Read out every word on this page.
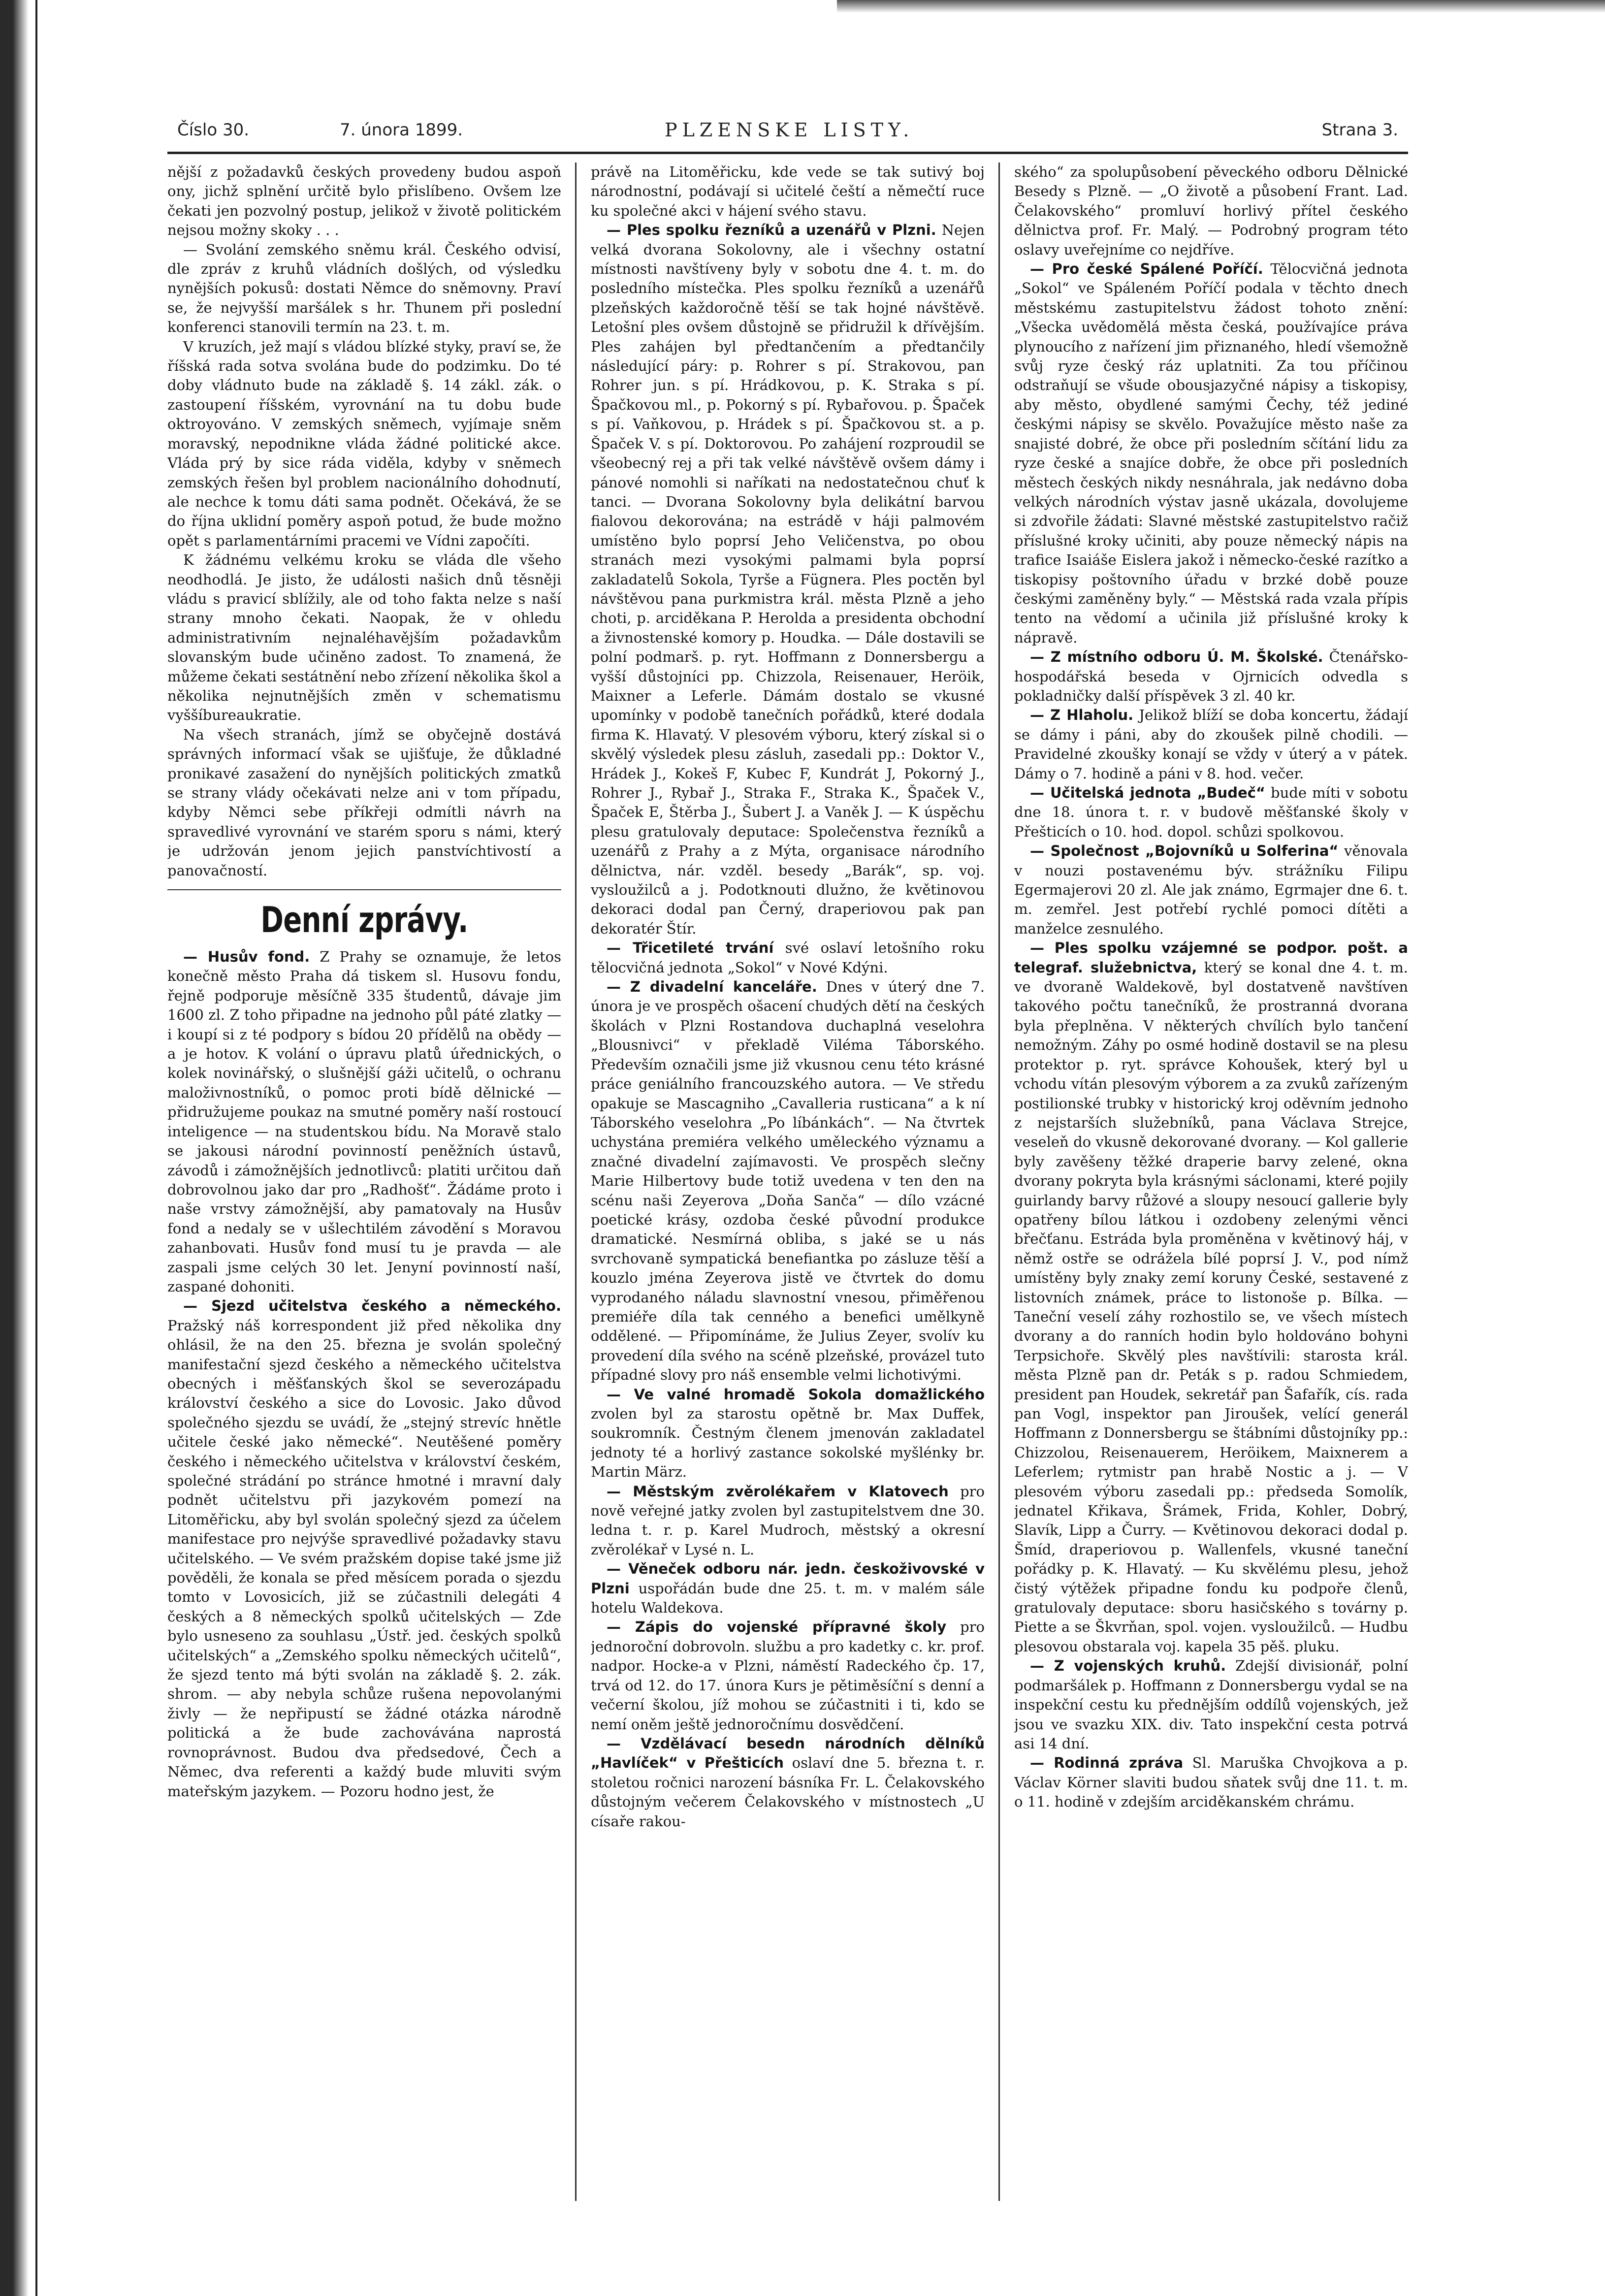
Číslo 30.	7. února 1899.	PLZENSKE LISTY.	Strana 3.

nější z požadavků českých provedeny budou aspoň ony, jichž splnění určitě bylo přislíbeno. Ovšem lze čekati jen pozvolný postup, jelikož v životě politickém nejsou možny skoky . . .

— Svolání zemského sněmu král. Českého odvisí, dle zpráv z kruhů vládních došlých, od výsledku nynějších pokusů: dostati Němce do sněmovny. Praví se, že nejvyšší maršálek s hr. Thunem při poslední konferenci stanovili termín na 23. t. m.

V kruzích, jež mají s vládou blízké styky, praví se, že říšská rada sotva svolána bude do podzimku. Do té doby vládnuto bude na základě §. 14 zákl. zák. o zastoupení říšském, vyrovnání na tu dobu bude oktroyováno. V zemských sněmech, vyjímaje sněm moravský, nepodnikne vláda žádné politické akce. Vláda prý by sice ráda viděla, kdyby v sněmech zemských řešen byl problem nacionálního dohodnutí, ale nechce k tomu dáti sama podnět. Očekává, že se do října uklidní poměry aspoň potud, že bude možno opět s parlamentárními pracemi ve Vídni započíti.

K žádnému velkému kroku se vláda dle všeho neodhodlá. Je jisto, že události našich dnů těsněji vládu s pravicí sblížily, ale od toho fakta nelze s naší strany mnoho čekati. Naopak, že v ohledu administrativním nejnaléhavějším požadavkům slovanským bude učiněno zadost. To znamená, že můžeme čekati sestátnění nebo zřízení několika škol a několika nejnutnějších změn v schematismu vyššíbureaukratie.

Na všech stranách, jímž se obyčejně dostává správných informací však se ujišťuje, že důkladné pronikavé zasažení do nynějších politických zmatků se strany vlády očekávati nelze ani v tom případu, kdyby Němci sebe příkřeji odmítli návrh na spravedlivé vyrovnání ve starém sporu s námi, který je udržován jenom jejich panstvíchtivostí a panovačností.

Denní zprávy.

— Husův fond. Z Prahy se oznamuje, že letos konečně město Praha dá tiskem sl. Husovu fondu, řejně podporuje měsíčně 335 študentů, dávaje jim 1600 zl. Z toho připadne na jednoho půl páté zlatky — i koupí si z té podpory s bídou 20 přídělů na obědy — a je hotov. K volání o úpravu platů úřednických, o kolek novinářský, o slušnější gáži učitelů, o ochranu maloživnostníků, o pomoc proti bídě dělnické — přidružujeme poukaz na smutné poměry naší rostoucí inteligence — na studentskou bídu. Na Moravě stalo se jakousi národní povinností peněžních ústavů, závodů i zámožnějších jednotlivců: platiti určitou daň dobrovolnou jako dar pro „Radhošť“. Žádáme proto i naše vrstvy zámožnější, aby pamatovaly na Husův fond a nedaly se v ušlechtilém závodění s Moravou zahanbovati. Husův fond musí tu je pravda — ale zaspali jsme celých 30 let. Jenyní povinností naší, zaspané dohoniti.

— Sjezd učitelstva českého a německého. Pražský náš korrespondent již před několika dny ohlásil, že na den 25. března je svolán společný manifestační sjezd českého a německého učitelstva obecných i měšťanských škol se severozápadu království českého a sice do Lovosic. Jako důvod společného sjezdu se uvádí, že „stejný strevíc hnětle učitele české jako německé“. Neutěšené poměry českého i německého učitelstva v království českém, společné strádání po stránce hmotné i mravní daly podnět učitelstvu při jazykovém pomezí na Litoměřicku, aby byl svolán společný sjezd za účelem manifestace pro nejvýše spravedlivé požadavky stavu učitelského. — Ve svém pražském dopise také jsme již pověděli, že konala se před měsícem porada o sjezdu tomto v Lovosicích, již se zúčastnili delegáti 4 českých a 8 německých spolků učitelských — Zde bylo usneseno za souhlasu „Ústř. jed. českých spolků učitelských“ a „Zemského spolku německých učitelů“, že sjezd tento má býti svolán na základě §. 2. zák. shrom. — aby nebyla schůze rušena nepovolanými živly — že nepřipustí se žádné otázka národně politická a že bude zachovávána naprostá rovnoprávnost. Budou dva předsedové, Čech a Němec, dva referenti a každý bude mluviti svým mateřským jazykem. — Pozoru hodno jest, že

právě na Litoměřicku, kde vede se tak sutivý boj národnostní, podávají si učitelé čeští a němečtí ruce ku společné akci v hájení svého stavu.

— Ples spolku řezníků a uzenářů v Plzni. Nejen velká dvorana Sokolovny, ale i všechny ostatní místnosti navštíveny byly v sobotu dne 4. t. m. do posledního místečka. Ples spolku řezníků a uzenářů plzeňských každoročně těší se tak hojné návštěvě. Letošní ples ovšem důstojně se přidružil k dřívějším. Ples zahájen byl předtančením a předtančily následující páry: p. Rohrer s pí. Strakovou, pan Rohrer jun. s pí. Hrádkovou, p. K. Straka s pí. Špačkovou ml., p. Pokorný s pí. Rybařovou. p. Špaček s pí. Vaňkovou, p. Hrádek s pí. Špačkovou st. a p. Špaček V. s pí. Doktorovou. Po zahájení rozproudil se všeobecný rej a při tak velké návštěvě ovšem dámy i pánové nomohli si naříkati na nedostatečnou chuť k tanci. — Dvorana Sokolovny byla delikátní barvou fialovou dekorována; na estrádě v háji palmovém umístěno bylo poprsí Jeho Veličenstva, po obou stranách mezi vysokými palmami byla poprsí zakladatelů Sokola, Tyrše a Fügnera. Ples poctěn byl návštěvou pana purkmistra král. města Plzně a jeho choti, p. arciděkana P. Herolda a presidenta obchodní a živnostenské komory p. Houdka. — Dále dostavili se polní podmarš. p. ryt. Hoffmann z Donnersbergu a vyšší důstojníci pp. Chizzola, Reisenauer, Heröik, Maixner a Leferle. Dámám dostalo se vkusné upomínky v podobě tanečních pořádků, které dodala firma K. Hlavatý. V plesovém výboru, který získal si o skvělý výsledek plesu zásluh, zasedali pp.: Doktor V., Hrádek J., Kokeš F, Kubec F, Kundrát J, Pokorný J., Rohrer J., Rybař J., Straka F., Straka K., Špaček V., Špaček E, Štěrba J., Šubert J. a Vaněk J. — K úspěchu plesu gratulovaly deputace: Společenstva řezníků a uzenářů z Prahy a z Mýta, organisace národního dělnictva, nár. vzděl. besedy „Barák“, sp. voj. vysloužilců a j. Podotknouti dlužno, že květinovou dekoraci dodal pan Černý, draperiovou pak pan dekoratér Štír.

— Třicetileté trvání své oslaví letošního roku tělocvičná jednota „Sokol“ v Nové Kdýni.

— Z divadelní kanceláře. Dnes v úterý dne 7. února je ve prospěch ošacení chudých dětí na českých školách v Plzni Rostandova duchaplná veselohra „Blousnivci“ v překladě Viléma Táborského. Především označili jsme již vkusnou cenu této krásné práce geniálního francouzského autora. — Ve středu opakuje se Mascagniho „Cavalleria rusticana“ a k ní Táborského veselohra „Po líbánkách“. — Na čtvrtek uchystána premiéra velkého uměleckého významu a značné divadelní zajímavosti. Ve prospěch slečny Marie Hilbertovy bude totiž uvedena v ten den na scénu naši Zeyerova „Doňa Sanča“ — dílo vzácné poetické krásy, ozdoba české původní produkce dramatické. Nesmírná obliba, s jaké se u nás svrchovaně sympatická benefiantka po zásluze těší a kouzlo jména Zeyerova jistě ve čtvrtek do domu vyprodaného náladu slavnostní vnesou, přiměřenou premiéře díla tak cenného a benefici umělkyně oddělené. — Připomínáme, že Julius Zeyer, svolív ku provedení díla svého na scéně plzeňské, provázel tuto případné slovy pro náš ensemble velmi lichotivými.

— Ve valné hromadě Sokola domažlického zvolen byl za starostu opětně br. Max Duffek, soukromník. Čestným členem jmenován zakladatel jednoty té a horlivý zastance sokolské myšlénky br. Martin März.

— Městským zvěrolékařem v Klatovech pro nově veřejné jatky zvolen byl zastupitelstvem dne 30. ledna t. r. p. Karel Mudroch, městský a okresní zvěrolékař v Lysé n. L.

— Věneček odboru nár. jedn. českoživovské v Plzni uspořádán bude dne 25. t. m. v malém sále hotelu Waldekova.

— Zápis do vojenské přípravné školy pro jednoroční dobrovoln. službu a pro kadetky c. kr. prof. nadpor. Hocke-a v Plzni, náměstí Radeckého čp. 17, trvá od 12. do 17. února Kurs je pětiměsíční s denní a večerní školou, jíž mohou se zúčastniti i ti, kdo se nemí oněm ještě jednoročnímu dosvědčení.

— Vzdělávací besedn národních dělníků „Havlíček“ v Přešticích oslaví dne 5. března t. r. stoletou ročnici narození básníka Fr. L. Čelakovského důstojným večerem Čelakovského v místnostech „U císaře rakou-

ského“ za spolupůsobení pěveckého odboru Dělnické Besedy s Plzně. — „O životě a působení Frant. Lad. Čelakovského“ promluví horlivý přítel českého dělnictva prof. Fr. Malý. — Podrobný program této oslavy uveřejníme co nejdříve.

— Pro české Spálené Poříčí. Tělocvičná jednota „Sokol“ ve Spáleném Poříčí podala v těchto dnech městskému zastupitelstvu žádost tohoto znění: „Všecka uvědomělá města česká, používajíce práva plynoucího z nařízení jim přiznaného, hledí všemožně svůj ryze český ráz uplatniti. Za tou příčinou odstraňují se všude obousjazyčné nápisy a tiskopisy, aby město, obydlené samými Čechy, též jediné českými nápisy se skvělo. Považujíce město naše za snajisté dobré, že obce při posledním sčítání lidu za ryze české a snajíce dobře, že obce při posledních městech českých nikdy nesnáhrala, jak nedávno doba velkých národních výstav jasně ukázala, dovolujeme si zdvořile žádati: Slavné městské zastupitelstvo račiž příslušné kroky učiniti, aby pouze německý nápis na trafice Isaiáše Eislera jakož i německo-české razítko a tiskopisy poštovního úřadu v brzké době pouze českými zaměněny byly.“ — Městská rada vzala přípis tento na vědomí a učinila již příslušné kroky k nápravě.

— Z místního odboru Ú. M. Školské. Čtenářsko-hospodářská beseda v Ojrnicích odvedla s pokladničky další příspěvek 3 zl. 40 kr.

— Z Hlaholu. Jelikož blíží se doba koncertu, žádají se dámy i páni, aby do zkoušek pilně chodili. — Pravidelné zkoušky konají se vždy v úterý a v pátek. Dámy o 7. hodině a páni v 8. hod. večer.

— Učitelská jednota „Budeč“ bude míti v sobotu dne 18. února t. r. v budově měšťanské školy v Přešticích o 10. hod. dopol. schůzi spolkovou.

— Společnost „Bojovníků u Solferina“ věnovala v nouzi postavenému býv. strážníku Filipu Egermajerovi 20 zl. Ale jak známo, Egrmajer dne 6. t. m. zemřel. Jest potřebí rychlé pomoci dítěti a manželce zesnulého.

— Ples spolku vzájemné se podpor. pošt. a telegraf. služebnictva, který se konal dne 4. t. m. ve dvoraně Waldekově, byl dostatveně navštíven takového počtu tanečníků, že prostranná dvorana byla přeplněna. V některých chvílích bylo tančení nemožným. Záhy po osmé hodině dostavil se na plesu protektor p. ryt. správce Kohoušek, který byl u vchodu vítán plesovým výborem a za zvuků zařízeným postilionské trubky v historický kroj oděvním jednoho z nejstarších služebníků, pana Václava Strejce, veseleň do vkusně dekorované dvorany. — Kol gallerie byly zavěšeny těžké draperie barvy zelené, okna dvorany pokryta byla krásnými sáclonami, které pojily guirlandy barvy růžové a sloupy nesoucí gallerie byly opatřeny bílou látkou i ozdobeny zelenými věnci břečťanu. Estráda byla proměněna v květinový háj, v němž ostře se odrážela bílé poprsí J. V., pod nímž umístěny byly znaky zemí koruny České, sestavené z listovních známek, práce to listonoše p. Bílka. — Taneční veselí záhy rozhostilo se, ve všech místech dvorany a do ranních hodin bylo holdováno bohyni Terpsichoře. Skvělý ples navštívili: starosta král. města Plzně pan dr. Peták s p. radou Schmiedem, president pan Houdek, sekretář pan Šafařík, cís. rada pan Vogl, inspektor pan Jiroušek, velící generál Hoffmann z Donnersbergu se štábními důstojníky pp.: Chizzolou, Reisenauerem, Heröikem, Maixnerem a Leferlem; rytmistr pan hrabě Nostic a j. — V plesovém výboru zasedali pp.: předseda Somolík, jednatel Křikava, Šrámek, Frida, Kohler, Dobrý, Slavík, Lipp a Čurry. — Květinovou dekoraci dodal p. Šmíd, draperiovou p. Wallenfels, vkusné taneční pořádky p. K. Hlavatý. — Ku skvělému plesu, jehož čistý výtěžek připadne fondu ku podpoře členů, gratulovaly deputace: sboru hasičského s továrny p. Piette a se Škvrňan, spol. vojen. vysloužilců. — Hudbu plesovou obstarala voj. kapela 35 pěš. pluku.

— Z vojenských kruhů. Zdejší divisionář, polní podmaršálek p. Hoffmann z Donnersbergu vydal se na inspekční cestu ku přednějším oddílů vojenských, jež jsou ve svazku XIX. div. Tato inspekční cesta potrvá asi 14 dní.

— Rodinná zpráva Sl. Maruška Chvojkova a p. Václav Körner slaviti budou sňatek svůj dne 11. t. m. o 11. hodině v zdejším arciděkanském chrámu.
